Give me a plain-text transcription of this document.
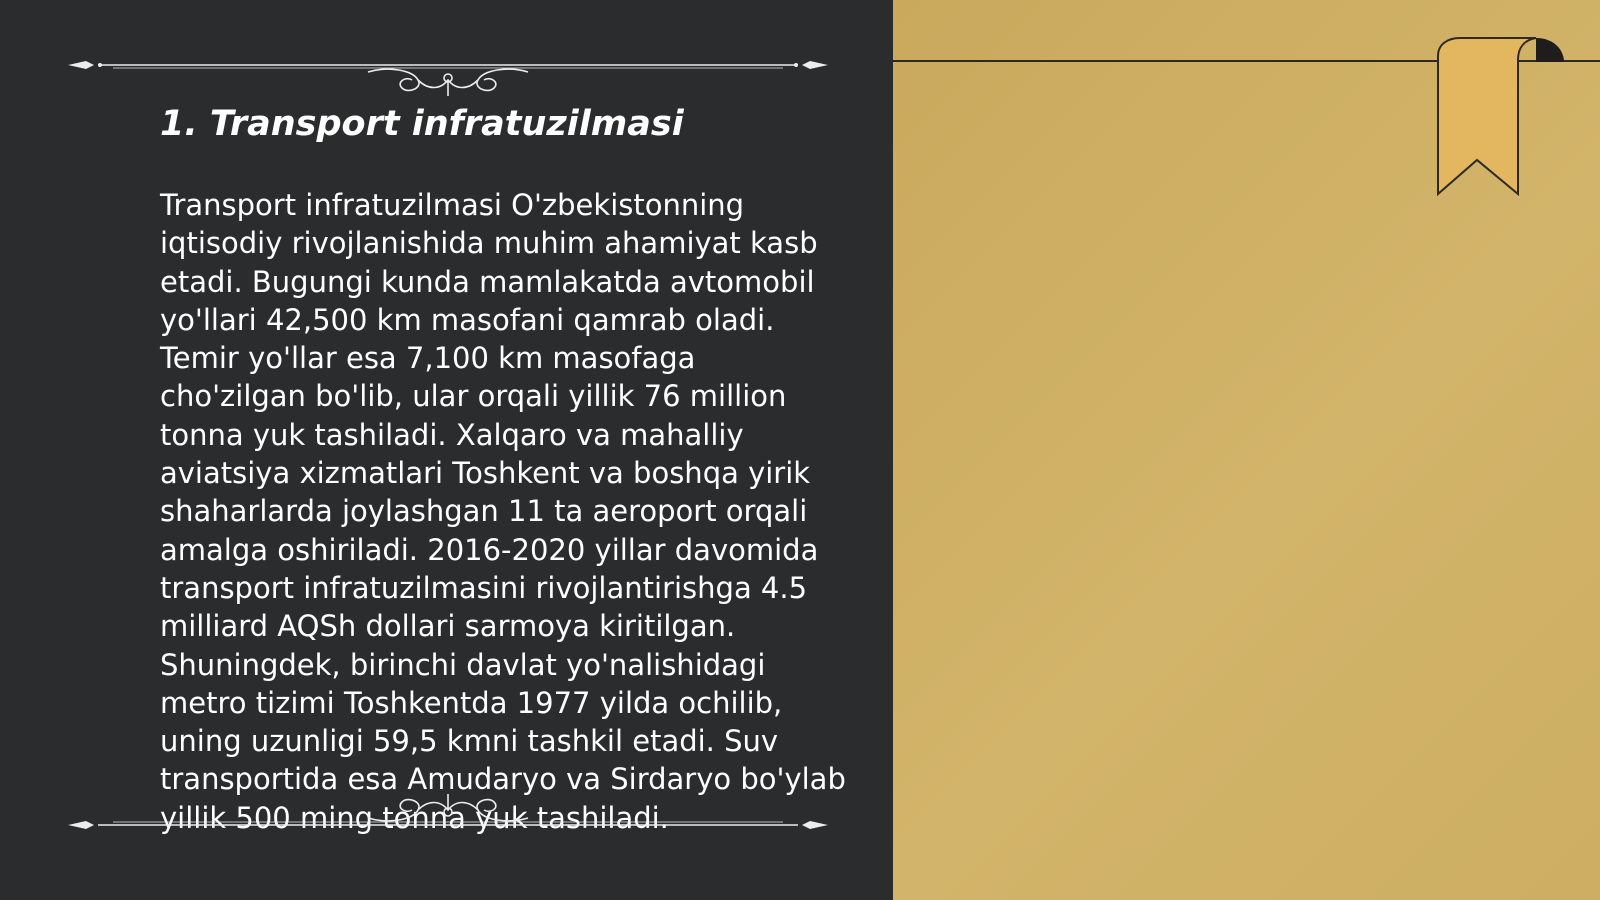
1. Transport infratuzilmasi

Transport infratuzilmasi O'zbekistonning iqtisodiy rivojlanishida muhim ahamiyat kasb etadi. Bugungi kunda mamlakatda avtomobil yo'llari 42,500 km masofani qamrab oladi. Temir yo'llar esa 7,100 km masofaga cho'zilgan bo'lib, ular orqali yillik 76 million tonna yuk tashiladi. Xalqaro va mahalliy aviatsiya xizmatlari Toshkent va boshqa yirik shaharlarda joylashgan 11 ta aeroport orqali amalga oshiriladi. 2016-2020 yillar davomida transport infratuzilmasini rivojlantirishga 4.5 milliard AQSh dollari sarmoya kiritilgan. Shuningdek, birinchi davlat yo'nalishidagi metro tizimi Toshkentda 1977 yilda ochilib, uning uzunligi 59,5 kmni tashkil etadi. Suv transportida esa Amudaryo va Sirdaryo bo'ylab yillik 500 ming tonna yuk tashiladi.
